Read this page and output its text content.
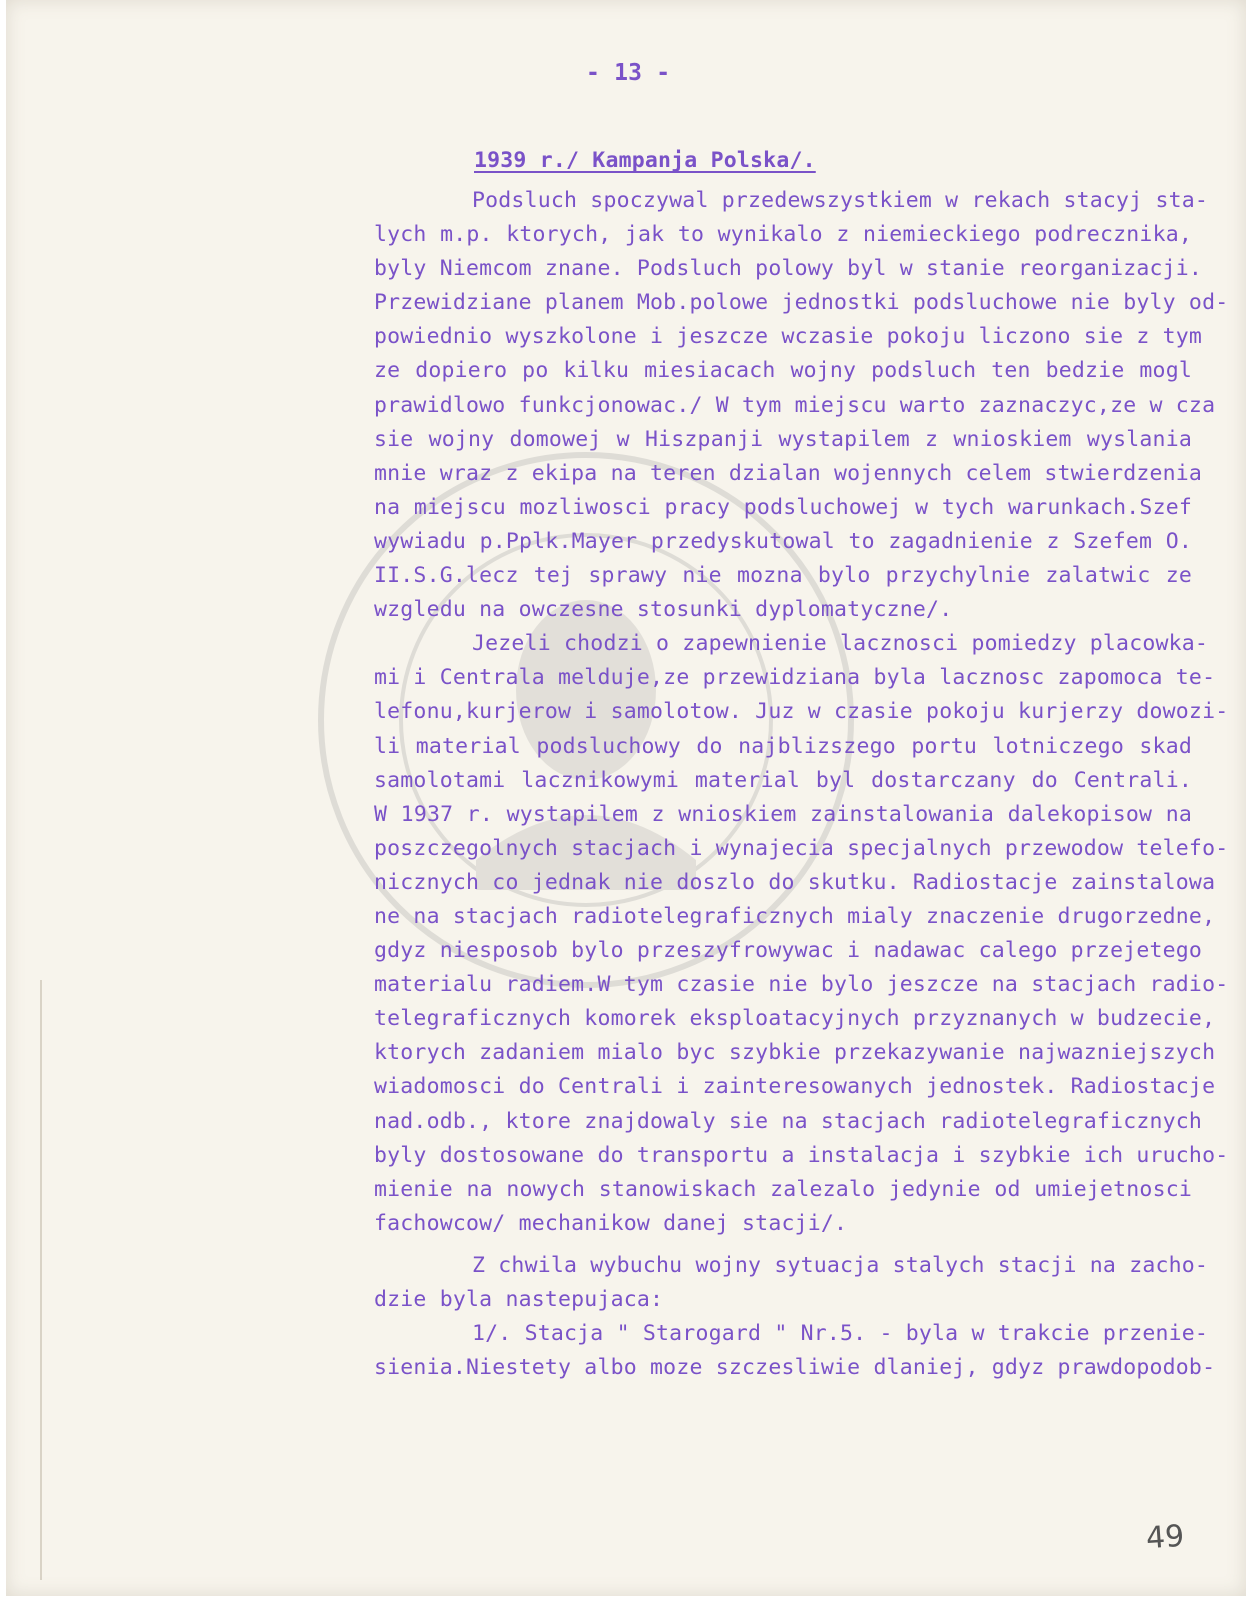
- 13 -
1939 r./ Kampanja Polska/.
Podsluch spoczywal przedewszystkiem w rekach stacyj sta-
lych m.p. ktorych, jak to wynikalo z niemieckiego podrecznika,
byly Niemcom znane. Podsluch polowy byl w stanie reorganizacji.
Przewidziane planem Mob.polowe jednostki podsluchowe nie byly od-
powiednio wyszkolone i jeszcze wczasie pokoju liczono sie z tym
ze dopiero po kilku miesiacach wojny podsluch ten bedzie mogl
prawidlowo funkcjonowac./ W tym miejscu warto zaznaczyc,ze w cza
sie wojny domowej w Hiszpanji wystapilem z wnioskiem wyslania
mnie wraz z ekipa na teren dzialan wojennych celem stwierdzenia
na miejscu mozliwosci pracy podsluchowej w tych warunkach.Szef
wywiadu p.Pplk.Mayer przedyskutowal to zagadnienie z Szefem O.
II.S.G.lecz tej sprawy nie mozna bylo przychylnie zalatwic ze
wzgledu na owczesne stosunki dyplomatyczne/.
Jezeli chodzi o zapewnienie lacznosci pomiedzy placowka-
mi i Centrala melduje,ze przewidziana byla lacznosc zapomoca te-
lefonu,kurjerow i samolotow. Juz w czasie pokoju kurjerzy dowozi-
li material podsluchowy do najblizszego portu lotniczego skad
samolotami lacznikowymi material byl dostarczany do Centrali.
W 1937 r. wystapilem z wnioskiem zainstalowania dalekopisow na
poszczegolnych stacjach i wynajecia specjalnych przewodow telefo-
nicznych co jednak nie doszlo do skutku. Radiostacje zainstalowa
ne na stacjach radiotelegraficznych mialy znaczenie drugorzedne,
gdyz niesposob bylo przeszyfrowywac i nadawac calego przejetego
materialu radiem.W tym czasie nie bylo jeszcze na stacjach radio-
telegraficznych komorek eksploatacyjnych przyznanych w budzecie,
ktorych zadaniem mialo byc szybkie przekazywanie najwazniejszych
wiadomosci do Centrali i zainteresowanych jednostek. Radiostacje
nad.odb., ktore znajdowaly sie na stacjach radiotelegraficznych
byly dostosowane do transportu a instalacja i szybkie ich urucho-
mienie na nowych stanowiskach zalezalo jedynie od umiejetnosci
fachowcow/ mechanikow danej stacji/.
Z chwila wybuchu wojny sytuacja stalych stacji na zacho-
dzie byla nastepujaca:
1/. Stacja " Starogard " Nr.5. - byla w trakcie przenie-
sienia.Niestety albo moze szczesliwie dlaniej, gdyz prawdopodob-
49
